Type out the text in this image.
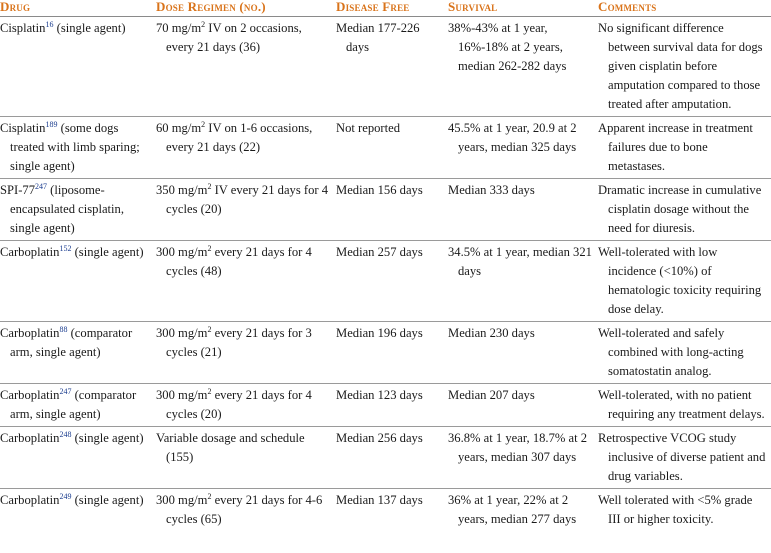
Drug	Dose Regimen (no.)	Disease Free	Survival	Comments

Cisplatin$^{16}$ (single agent)	70 $mg/m^2$ IV on 2 occasions, every 21 days (36)	Median 177-226 days	38%-43% at 1 year, 16%-18% at 2 years, median 262-282 days	No significant difference between survival data for dogs given cisplatin before amputation compared to those treated after amputation.

Cisplatin$^{189}$ (some dogs treated with limb sparing; single agent)	60 $mg/m^2$ IV on 1-6 occasions, every 21 days (22)	Not reported	45.5% at 1 year, 20.9 at 2 years, median 325 days	Apparent increase in treatment failures due to bone metastases.

SPI-77$^{247}$ (liposome-encapsulated cisplatin, single agent)	350 $mg/m^2$ IV every 21 days for 4 cycles (20)	Median 156 days	Median 333 days	Dramatic increase in cumulative cisplatin dosage without the need for diuresis.

Carboplatin$^{152}$ (single agent)	300 $mg/m^2$ every 21 days for 4 cycles (48)	Median 257 days	34.5% at 1 year, median 321 days	Well-tolerated with low incidence (<10%) of hematologic toxicity requiring dose delay.

Carboplatin$^{88}$ (comparator arm, single agent)	300 $mg/m^2$ every 21 days for 3 cycles (21)	Median 196 days	Median 230 days	Well-tolerated and safely combined with long-acting somatostatin analog.

Carboplatin$^{247}$ (comparator arm, single agent)	300 $mg/m^2$ every 21 days for 4 cycles (20)	Median 123 days	Median 207 days	Well-tolerated, with no patient requiring any treatment delays.

Carboplatin$^{248}$ (single agent)	Variable dosage and schedule (155)	Median 256 days	36.8% at 1 year, 18.7% at 2 years, median 307 days	Retrospective VCOG study inclusive of diverse patient and drug variables.

Carboplatin$^{249}$ (single agent)	300 $mg/m^2$ every 21 days for 4-6 cycles (65)	Median 137 days	36% at 1 year, 22% at 2 years, median 277 days	Well tolerated with <5% grade III or higher toxicity.
